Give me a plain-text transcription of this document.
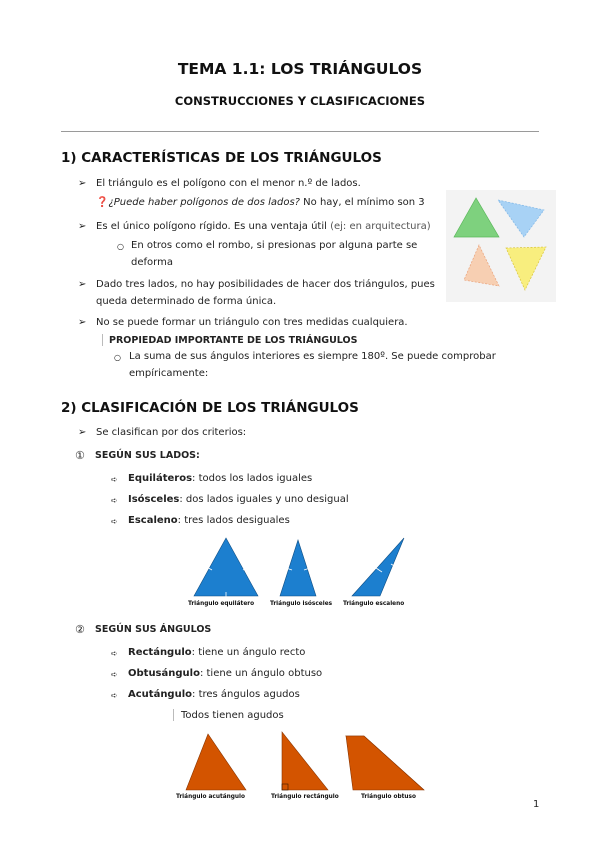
TEMA 1.1: LOS TRIÁNGULOS
CONSTRUCCIONES Y CLASIFICACIONES
1) CARACTERÍSTICAS DE LOS TRIÁNGULOS
➢ El triángulo es el polígono con el menor n.º de lados.
❓¿Puede haber polígonos de dos lados? No hay, el mínimo son 3
➢ Es el único polígono rígido. Es una ventaja útil (ej: en arquitectura)
○ En otros como el rombo, si presionas por alguna parte se
deforma
➢ Dado tres lados, no hay posibilidades de hacer dos triángulos, pues
queda determinado de forma única.
➢ No se puede formar un triángulo con tres medidas cualquiera.
PROPIEDAD IMPORTANTE DE LOS TRIÁNGULOS
○ La suma de sus ángulos interiores es siempre 180º. Se puede comprobar
empíricamente:
2) CLASIFICACIÓN DE LOS TRIÁNGULOS
➢ Se clasifican por dos criterios:
① SEGÚN SUS LADOS:
➪ Equiláteros: todos los lados iguales
➪ Isósceles: dos lados iguales y uno desigual
➪ Escaleno: tres lados desiguales
Triángulo equilátero	Triángulo isósceles Triángulo escaleno
② SEGÚN SUS ÁNGULOS
➪ Rectángulo: tiene un ángulo recto
➪ Obtusángulo: tiene un ángulo obtuso
➪ Acutángulo: tres ángulos agudos
Todos tienen agudos
Triángulo acutángulo	Triángulo rectángulo	Triángulo obtuso
1
